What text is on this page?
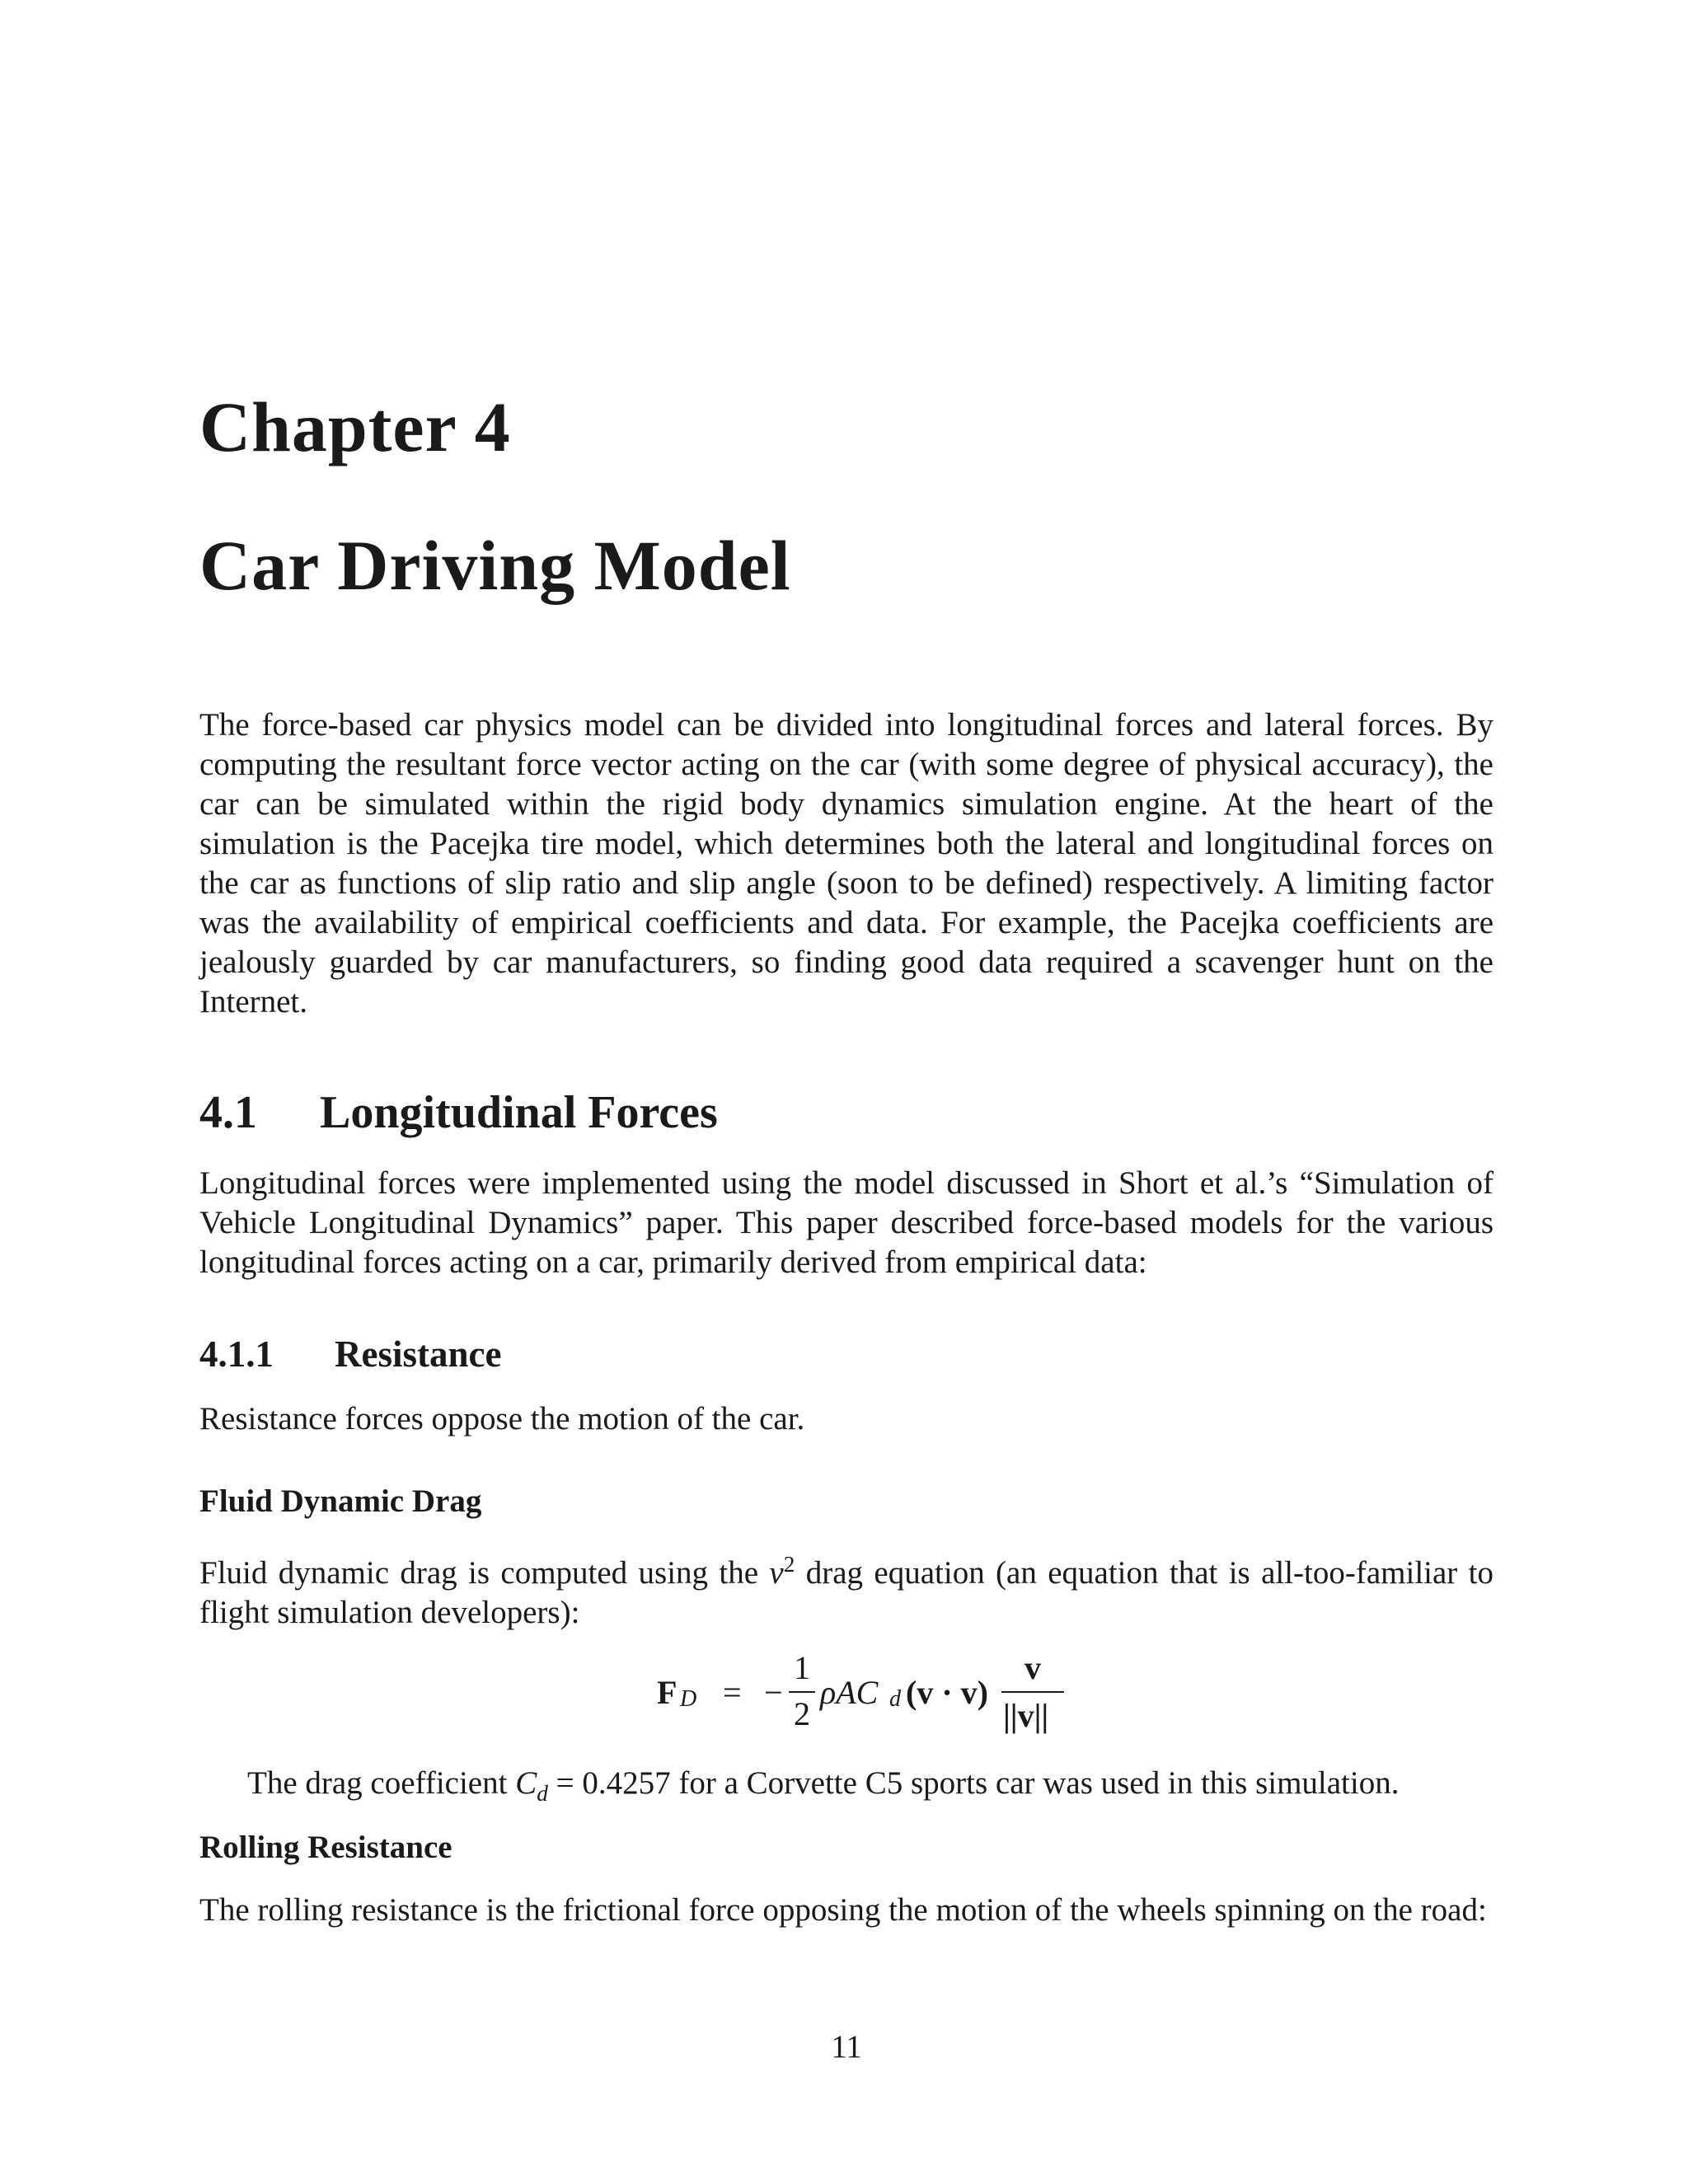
Chapter 4
Car Driving Model

The force-based car physics model can be divided into longitudinal forces and lateral forces. By computing the resultant force vector acting on the car (with some degree of physical accuracy), the car can be simulated within the rigid body dynamics simulation engine. At the heart of the simulation is the Pacejka tire model, which determines both the lateral and longitudinal forces on the car as functions of slip ratio and slip angle (soon to be defined) respectively. A limiting factor was the availability of empirical coefficients and data. For example, the Pacejka coefficients are jealously guarded by car manufacturers, so finding good data required a scavenger hunt on the Internet.

4.1 Longitudinal Forces

Longitudinal forces were implemented using the model discussed in Short et al.’s “Simulation of Vehicle Longitudinal Dynamics” paper. This paper described force-based models for the various longitudinal forces acting on a car, primarily derived from empirical data:

4.1.1 Resistance

Resistance forces oppose the motion of the car.

Fluid Dynamic Drag

Fluid dynamic drag is computed using the $v^2$ drag equation (an equation that is all-too-familiar to flight simulation developers):

F D = −
1
2
ρAC d (v · v)
v
||v||

The drag coefficient $C_d = 0.4257$ for a Corvette C5 sports car was used in this simulation.

Rolling Resistance

The rolling resistance is the frictional force opposing the motion of the wheels spinning on the road:

11
